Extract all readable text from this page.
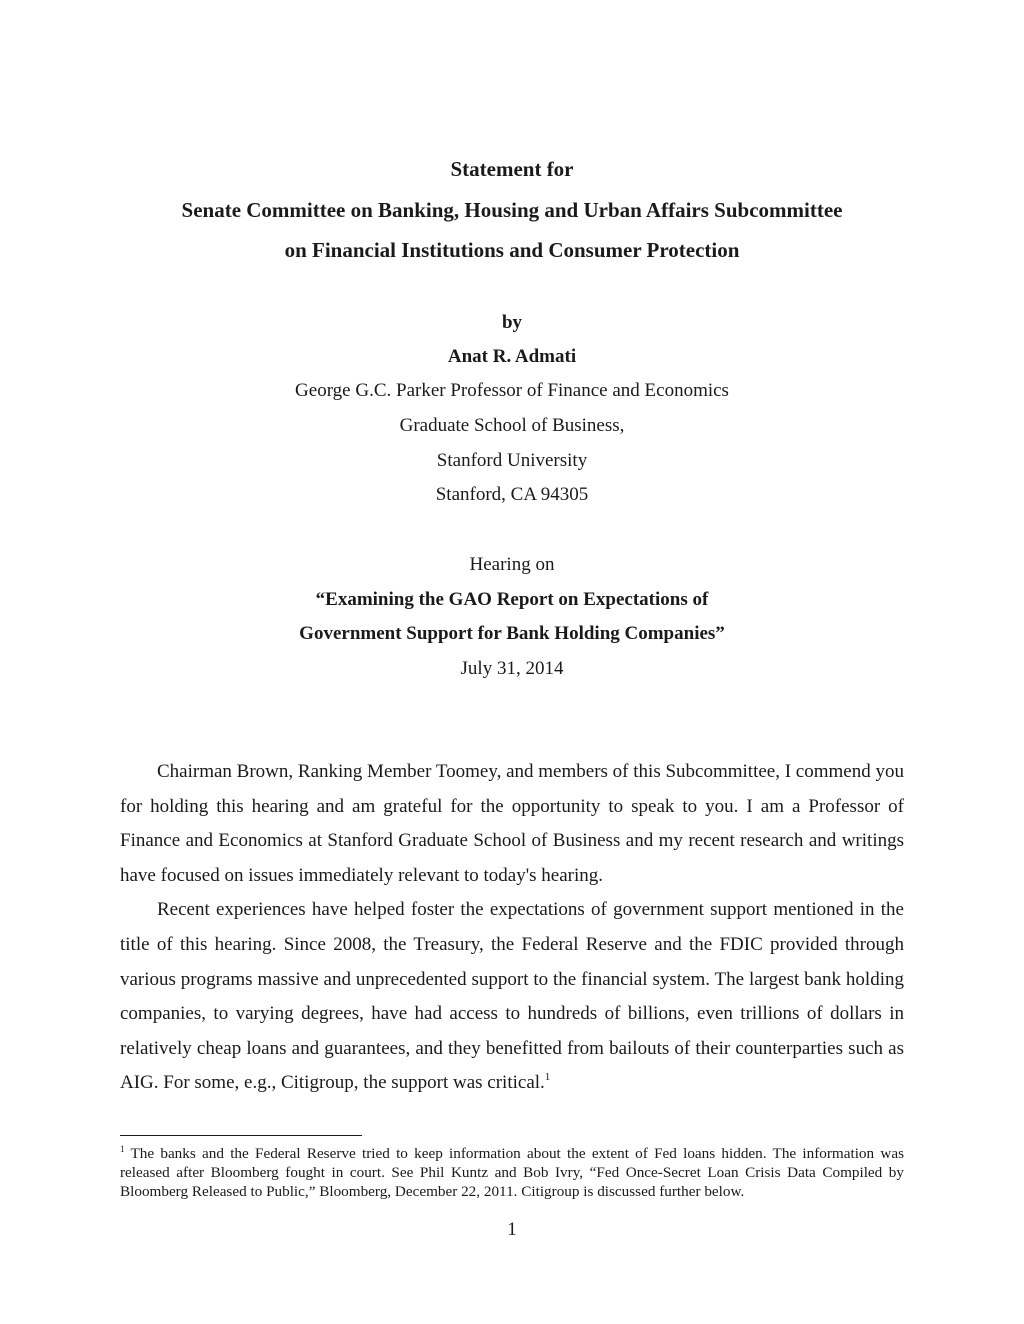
Statement for
Senate Committee on Banking, Housing and Urban Affairs Subcommittee
on Financial Institutions and Consumer Protection
by
Anat R. Admati
George G.C. Parker Professor of Finance and Economics
Graduate School of Business,
Stanford University
Stanford, CA 94305
Hearing on
“Examining the GAO Report on Expectations of
Government Support for Bank Holding Companies”
July 31, 2014

Chairman Brown, Ranking Member Toomey, and members of this Subcommittee, I commend you for holding this hearing and am grateful for the opportunity to speak to you. I am a Professor of Finance and Economics at Stanford Graduate School of Business and my recent research and writings have focused on issues immediately relevant to today's hearing.

Recent experiences have helped foster the expectations of government support mentioned in the title of this hearing. Since 2008, the Treasury, the Federal Reserve and the FDIC provided through various programs massive and unprecedented support to the financial system. The largest bank holding companies, to varying degrees, have had access to hundreds of billions, even trillions of dollars in relatively cheap loans and guarantees, and they benefitted from bailouts of their counterparties such as AIG. For some, e.g., Citigroup, the support was critical.$^1$

$^1$ The banks and the Federal Reserve tried to keep information about the extent of Fed loans hidden. The information was released after Bloomberg fought in court. See Phil Kuntz and Bob Ivry, “Fed Once-Secret Loan Crisis Data Compiled by Bloomberg Released to Public,” Bloomberg, December 22, 2011. Citigroup is discussed further below.

1
